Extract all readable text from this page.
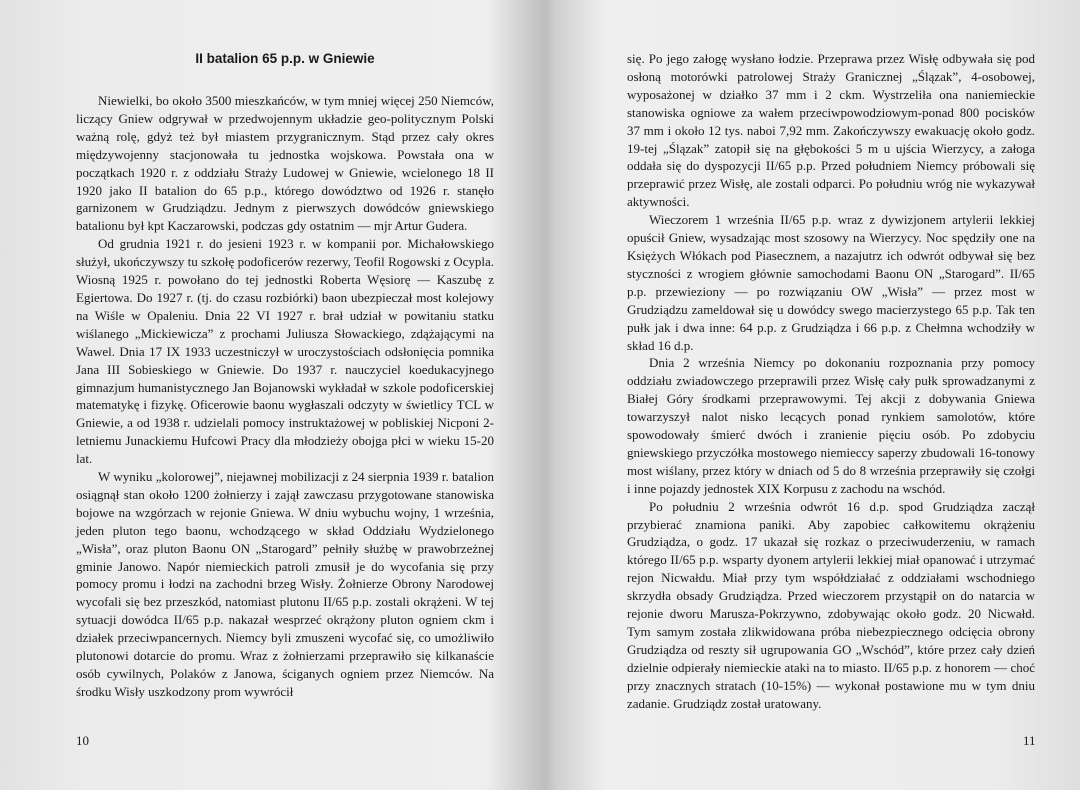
II batalion 65 p.p. w Gniewie

Niewielki, bo około 3500 mieszkańców, w tym mniej więcej 250 Niemców, liczący Gniew odgrywał w przedwojennym układzie geo-politycznym Polski ważną rolę, gdyż też był miastem przygranicznym. Stąd przez cały okres międzywojenny stacjonowała tu jednostka wojskowa. Powstała ona w początkach 1920 r. z oddziału Straży Ludowej w Gniewie, wcielonego 18 II 1920 jako II batalion do 65 p.p., którego dowództwo od 1926 r. stanęło garnizonem w Grudziądzu. Jednym z pierwszych dowódców gniewskiego batalionu był kpt Kaczarowski, podczas gdy ostatnim — mjr Artur Gudera.

Od grudnia 1921 r. do jesieni 1923 r. w kompanii por. Michałowskiego służył, ukończywszy tu szkołę podoficerów rezerwy, Teofil Rogowski z Ocypla. Wiosną 1925 r. powołano do tej jednostki Roberta Węsiorę — Kaszubę z Egiertowa. Do 1927 r. (tj. do czasu rozbiórki) baon ubezpieczał most kolejowy na Wiśle w Opaleniu. Dnia 22 VI 1927 r. brał udział w powitaniu statku wiślanego „Mickiewicza” z prochami Juliusza Słowackiego, zdążającymi na Wawel. Dnia 17 IX 1933 uczestniczył w uroczystościach odsłonięcia pomnika Jana III Sobieskiego w Gniewie. Do 1937 r. nauczyciel koedukacyjnego gimnazjum humanistycznego Jan Bojanowski wykładał w szkole podoficerskiej matematykę i fizykę. Oficerowie baonu wygłaszali odczyty w świetlicy TCL w Gniewie, a od 1938 r. udzielali pomocy instruktażowej w pobliskiej Nicponi 2-letniemu Junackiemu Hufcowi Pracy dla młodzieży obojga płci w wieku 15-20 lat.

W wyniku „kolorowej”, niejawnej mobilizacji z 24 sierpnia 1939 r. batalion osiągnął stan około 1200 żołnierzy i zajął zawczasu przygotowane stanowiska bojowe na wzgórzach w rejonie Gniewa. W dniu wybuchu wojny, 1 września, jeden pluton tego baonu, wchodzącego w skład Oddziału Wydzielonego „Wisła”, oraz pluton Baonu ON „Starogard” pełniły służbę w prawobrzeżnej gminie Janowo. Napór niemieckich patroli zmusił je do wycofania się przy pomocy promu i łodzi na zachodni brzeg Wisły. Żołnierze Obrony Narodowej wycofali się bez przeszkód, natomiast plutonu II/65 p.p. zostali okrążeni. W tej sytuacji dowódca II/65 p.p. nakazał wesprzeć okrążony pluton ogniem ckm i działek przeciwpancernych. Niemcy byli zmuszeni wycofać się, co umożliwiło plutonowi dotarcie do promu. Wraz z żołnierzami przeprawiło się kilkanaście osób cywilnych, Polaków z Janowa, ściganych ogniem przez Niemców. Na środku Wisły uszkodzony prom wywrócił

10

się. Po jego załogę wysłano łodzie. Przeprawa przez Wisłę odbywała się pod osłoną motorówki patrolowej Straży Granicznej „Ślązak”, 4-osobowej, wyposażonej w działko 37 mm i 2 ckm. Wystrzeliła ona naniemieckie stanowiska ogniowe za wałem przeciwpowodziowym-ponad 800 pocisków 37 mm i około 12 tys. naboi 7,92 mm. Zakończywszy ewakuację około godz. 19-tej „Ślązak” zatopił się na głębokości 5 m u ujścia Wierzycy, a załoga oddała się do dyspozycji II/65 p.p. Przed południem Niemcy próbowali się przeprawić przez Wisłę, ale zostali odparci. Po południu wróg nie wykazywał aktywności.

Wieczorem 1 września II/65 p.p. wraz z dywizjonem artylerii lekkiej opuścił Gniew, wysadzając most szosowy na Wierzycy. Noc spędziły one na Księżych Włókach pod Piasecznem, a nazajutrz ich odwrót odbywał się bez styczności z wrogiem głównie samochodami Baonu ON „Starogard”. II/65 p.p. przewieziony — po rozwiązaniu OW „Wisła” — przez most w Grudziądzu zameldował się u dowódcy swego macierzystego 65 p.p. Tak ten pułk jak i dwa inne: 64 p.p. z Grudziądza i 66 p.p. z Chełmna wchodziły w skład 16 d.p.

Dnia 2 września Niemcy po dokonaniu rozpoznania przy pomocy oddziału zwiadowczego przeprawili przez Wisłę cały pułk sprowadzanymi z Białej Góry środkami przeprawowymi. Tej akcji z dobywania Gniewa towarzyszył nalot nisko lecących ponad rynkiem samolotów, które spowodowały śmierć dwóch i zranienie pięciu osób. Po zdobyciu gniewskiego przyczółka mostowego niemieccy saperzy zbudowali 16-tonowy most wiślany, przez który w dniach od 5 do 8 września przeprawiły się czołgi i inne pojazdy jednostek XIX Korpusu z zachodu na wschód.

Po południu 2 września odwrót 16 d.p. spod Grudziądza zaczął przybierać znamiona paniki. Aby zapobiec całkowitemu okrążeniu Grudziądza, o godz. 17 ukazał się rozkaz o przeciwuderzeniu, w ramach którego II/65 p.p. wsparty dyonem artylerii lekkiej miał opanować i utrzymać rejon Nicwałdu. Miał przy tym współdziałać z oddziałami wschodniego skrzydła obsady Grudziądza. Przed wieczorem przystąpił on do natarcia w rejonie dworu Marusza-Pokrzywno, zdobywając około godz. 20 Nicwałd. Tym samym została zlikwidowana próba niebezpiecznego odcięcia obrony Grudziądza od reszty sił ugrupowania GO „Wschód”, które przez cały dzień dzielnie odpierały niemieckie ataki na to miasto. II/65 p.p. z honorem — choć przy znacznych stratach (10-15%) — wykonał postawione mu w tym dniu zadanie. Grudziądz został uratowany.

11
